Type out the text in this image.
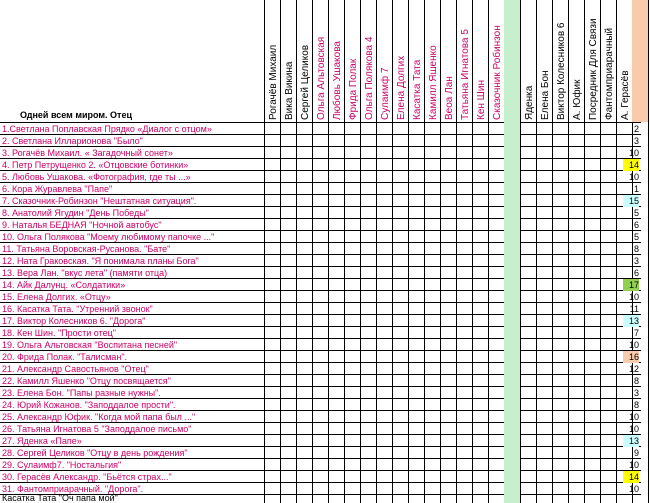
Одней всем миром. Отец	Рогачёв Михаил Вика Викина Сергей Целиков Ольга Альтовская Любовь Ушакова Фрида Полак Ольга Полякова 4 Сулаимф 7 Елена Долгих Касатка Тата Камилл Яшенко Веоа Лан Татьяна Игнатова 5 Кен Шин Сказочник Робинзон	Яденка Елена Бон Виктор Колесников 6 А. Юфик Посредник Для Связи Фантомприарачный А. Герасёв
1.Светлана Поплавская Прядко «Диалог с отцом»	2
2. Светлана Илларионова "Было"	3
3. Рогачёв Михаил. « Загадочный сонет»	10
4. Петр Петрущенко 2. «Отцовские ботинки»	14
5. Любовь Ушакова. «Фотография, где ты ...»	10
6. Кора Журавлева "Папе"	1
7. Сказочник-Робинзон "Нештатная ситуация".	15
8. Анатолий Ягудин "День Победы"	5
9. Наталья БЕДНАЯ "Ночной автобус"	6
10. Ольга Полякова "Моему любимому папочке ..."	5
11. Татьяна Воровская-Русанова. "Бате"	8
12. Ната Граковская. "Я понимала планы Бога"	3
13. Вера Лан. "вкус лета" (памяти отца)	6
14. Айк Далунц. «Солдатики»	17
15. Елена Долгих. «Отцу»	10
16. Касатка Тата. "Утренний звонок"	11
17. Виктор Колесников 6. "Дорога"	13
18. Кен Шин. "Прости отец"	7
19. Ольга Альтовская "Воспитана песней"	10
20. Фрида Полак. "Талисман".	16
21. Александр Савостьянов "Отец"	12
22. Камилл Яшенко "Отцу посвящается"	8
23. Елена Бон. "Папы разные нужны".	3
24. Юрий Кожанов. "Заподдалое прости".	8
25. Александр Юфик. "Когда мой папа был ..."	10
26. Татьяна Игнатова 5 "Заподдалое письмо"	10
27. Яденка «Папе»	13
28. Сергей Целиков "Отцу в день рождения"	9
29. Сулаимф7. "Ностальгия"	10
30. Герасёв Александр. "Бьётся страх..."	14
31. Фантомприарачный. "Дорога".	10
Касатка Тата "Оч папа мой"
